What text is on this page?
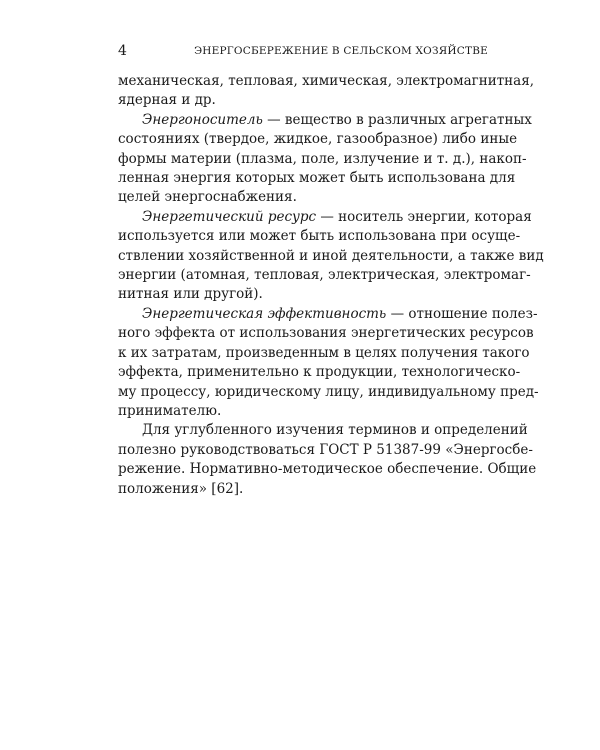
4	ЭНЕРГОСБЕРЕЖЕНИЕ В СЕЛЬСКОМ ХОЗЯЙСТВЕ

механическая, тепловая, химическая, электромагнитная,
ядерная и др.

Энергоноситель — вещество в различных агрегатных
состояниях (твердое, жидкое, газообразное) либо иные
формы материи (плазма, поле, излучение и т. д.), накоп-
ленная энергия которых может быть использована для
целей энергоснабжения.

Энергетический ресурс — носитель энергии, которая
используется или может быть использована при осуще-
ствлении хозяйственной и иной деятельности, а также вид
энергии (атомная, тепловая, электрическая, электромаг-
нитная или другой).

Энергетическая эффективность — отношение полез-
ного эффекта от использования энергетических ресурсов
к их затратам, произведенным в целях получения такого
эффекта, применительно к продукции, технологическо-
му процессу, юридическому лицу, индивидуальному пред-
принимателю.

Для углубленного изучения терминов и определений
полезно руководствоваться ГОСТ Р 51387-99 «Энергосбе-
режение. Нормативно-методическое обеспечение. Общие
положения» [62].
